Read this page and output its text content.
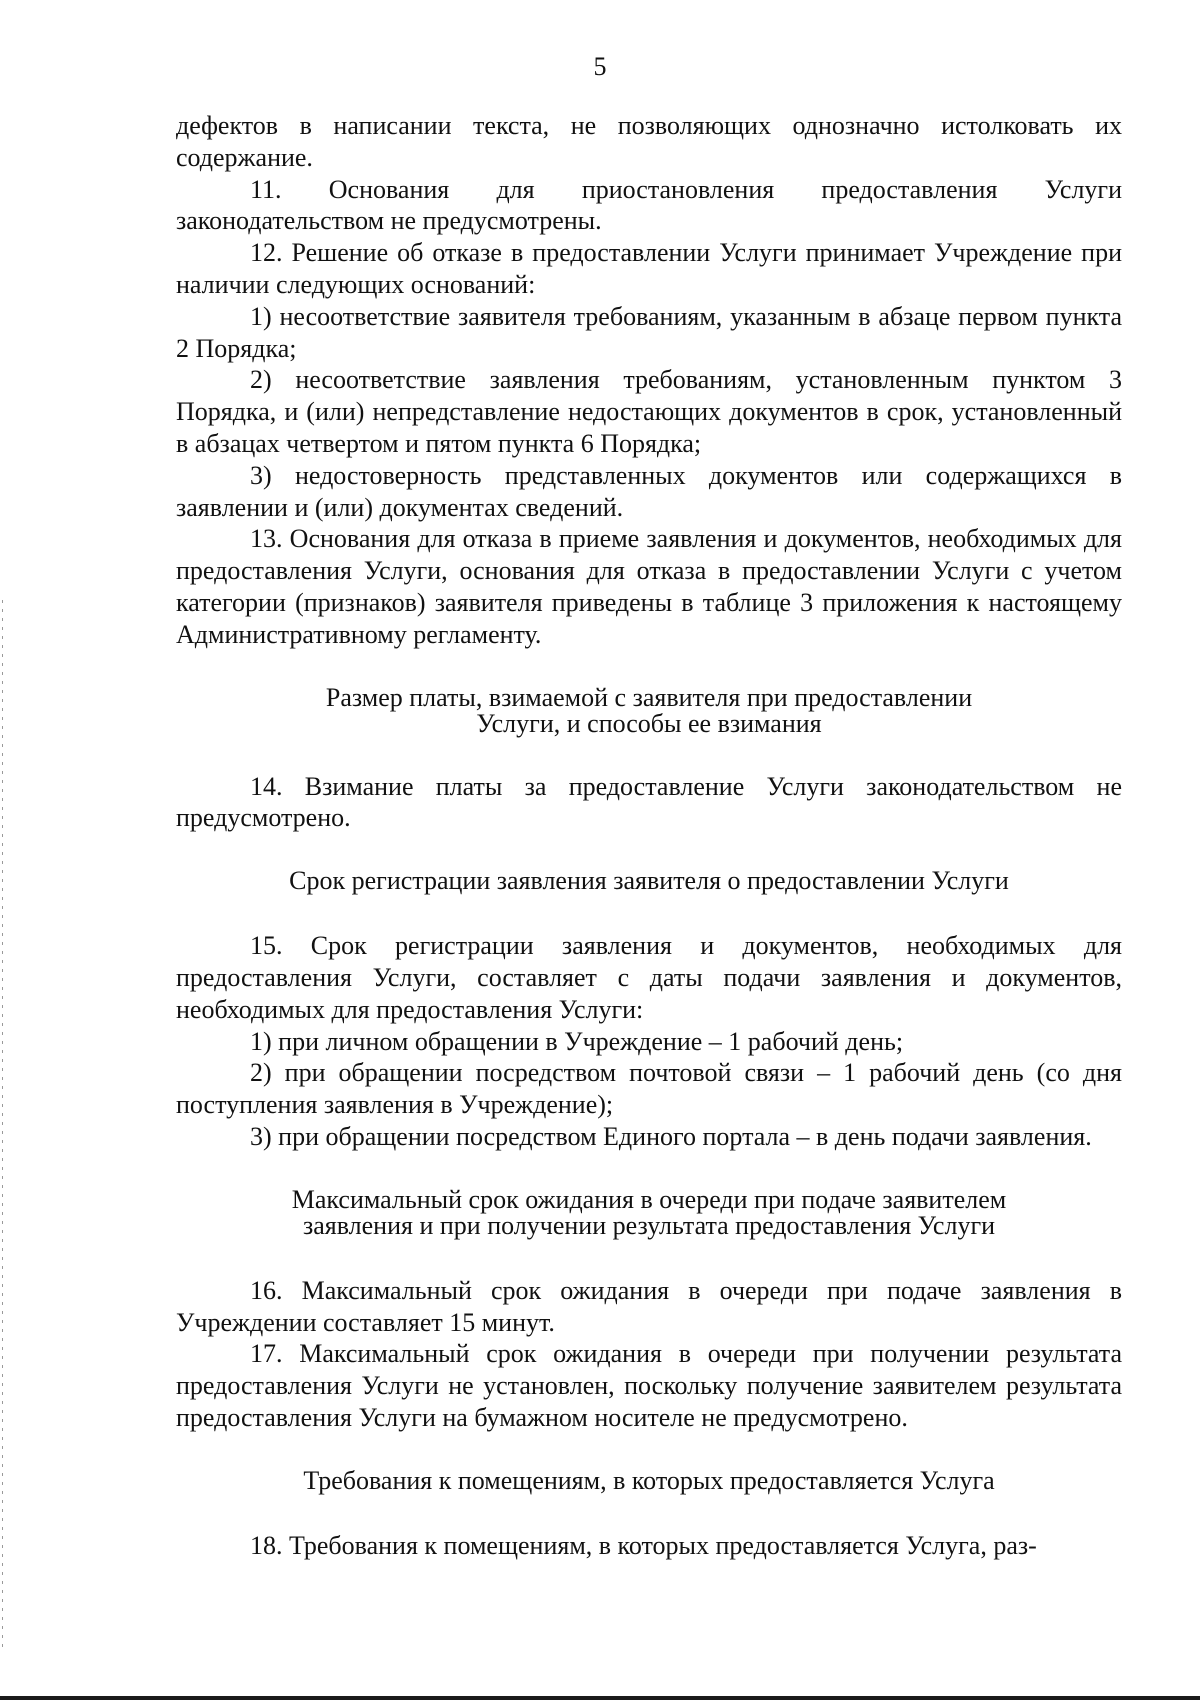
5

дефектов в написании текста, не позволяющих однозначно истолковать их содержание.

11. Основания для приостановления предоставления Услуги законодательством не предусмотрены.

12. Решение об отказе в предоставлении Услуги принимает Учреждение при наличии следующих оснований:

1) несоответствие заявителя требованиям, указанным в абзаце первом пункта 2 Порядка;

2) несоответствие заявления требованиям, установленным пунктом 3 Порядка, и (или) непредставление недостающих документов в срок, установленный в абзацах четвертом и пятом пункта 6 Порядка;

3) недостоверность представленных документов или содержащихся в заявлении и (или) документах сведений.

13. Основания для отказа в приеме заявления и документов, необходимых для предоставления Услуги, основания для отказа в предоставлении Услуги с учетом категории (признаков) заявителя приведены в таблице 3 приложения к настоящему Административному регламенту.

Размер платы, взимаемой с заявителя при предоставлении

Услуги, и способы ее взимания

14. Взимание платы за предоставление Услуги законодательством не предусмотрено.

Срок регистрации заявления заявителя о предоставлении Услуги

15. Срок регистрации заявления и документов, необходимых для предоставления Услуги, составляет с даты подачи заявления и документов, необходимых для предоставления Услуги:

1) при личном обращении в Учреждение – 1 рабочий день;

2) при обращении посредством почтовой связи – 1 рабочий день (со дня поступления заявления в Учреждение);

3) при обращении посредством Единого портала – в день подачи заявления.

Максимальный срок ожидания в очереди при подаче заявителем

заявления и при получении результата предоставления Услуги

16. Максимальный срок ожидания в очереди при подаче заявления в Учреждении составляет 15 минут.

17. Максимальный срок ожидания в очереди при получении результата предоставления Услуги не установлен, поскольку получение заявителем результата предоставления Услуги на бумажном носителе не предусмотрено.

Требования к помещениям, в которых предоставляется Услуга

18. Требования к помещениям, в которых предоставляется Услуга, раз-
